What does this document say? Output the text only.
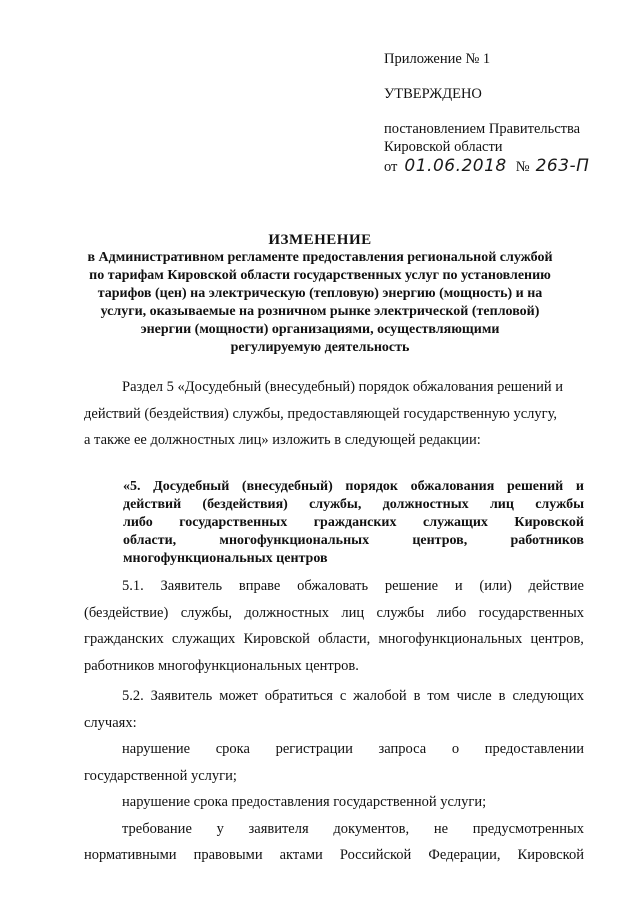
Приложение № 1
УТВЕРЖДЕНО
постановлением Правительства
Кировской области
от 01.06.2018 № 263-П
ИЗМЕНЕНИЕ
в Административном регламенте предоставления региональной службой
по тарифам Кировской области государственных услуг по установлению
тарифов (цен) на электрическую (тепловую) энергию (мощность) и на
услуги, оказываемые на розничном рынке электрической (тепловой)
энергии (мощности) организациями, осуществляющими
регулируемую деятельность
Раздел 5 «Досудебный (внесудебный) порядок обжалования решений и
действий (бездействия) службы, предоставляющей государственную услугу,
а также ее должностных лиц» изложить в следующей редакции:
«5. Досудебный (внесудебный) порядок обжалования решений и
действий (бездействия) службы, должностных лиц службы
либо государственных гражданских служащих Кировской
области,	многофункциональных	центров,	работников
многофункциональных центров
5.1. Заявитель вправе обжаловать решение и (или) действие
(бездействие) службы, должностных лиц службы либо государственных
гражданских служащих Кировской области, многофункциональных центров,
работников многофункциональных центров.
5.2. Заявитель может обратиться с жалобой в том числе в следующих
случаях:
нарушение срока регистрации запроса о предоставлении
государственной услуги;
нарушение срока предоставления государственной услуги;
требование у заявителя документов, не предусмотренных
нормативными правовыми актами Российской Федерации, Кировской
